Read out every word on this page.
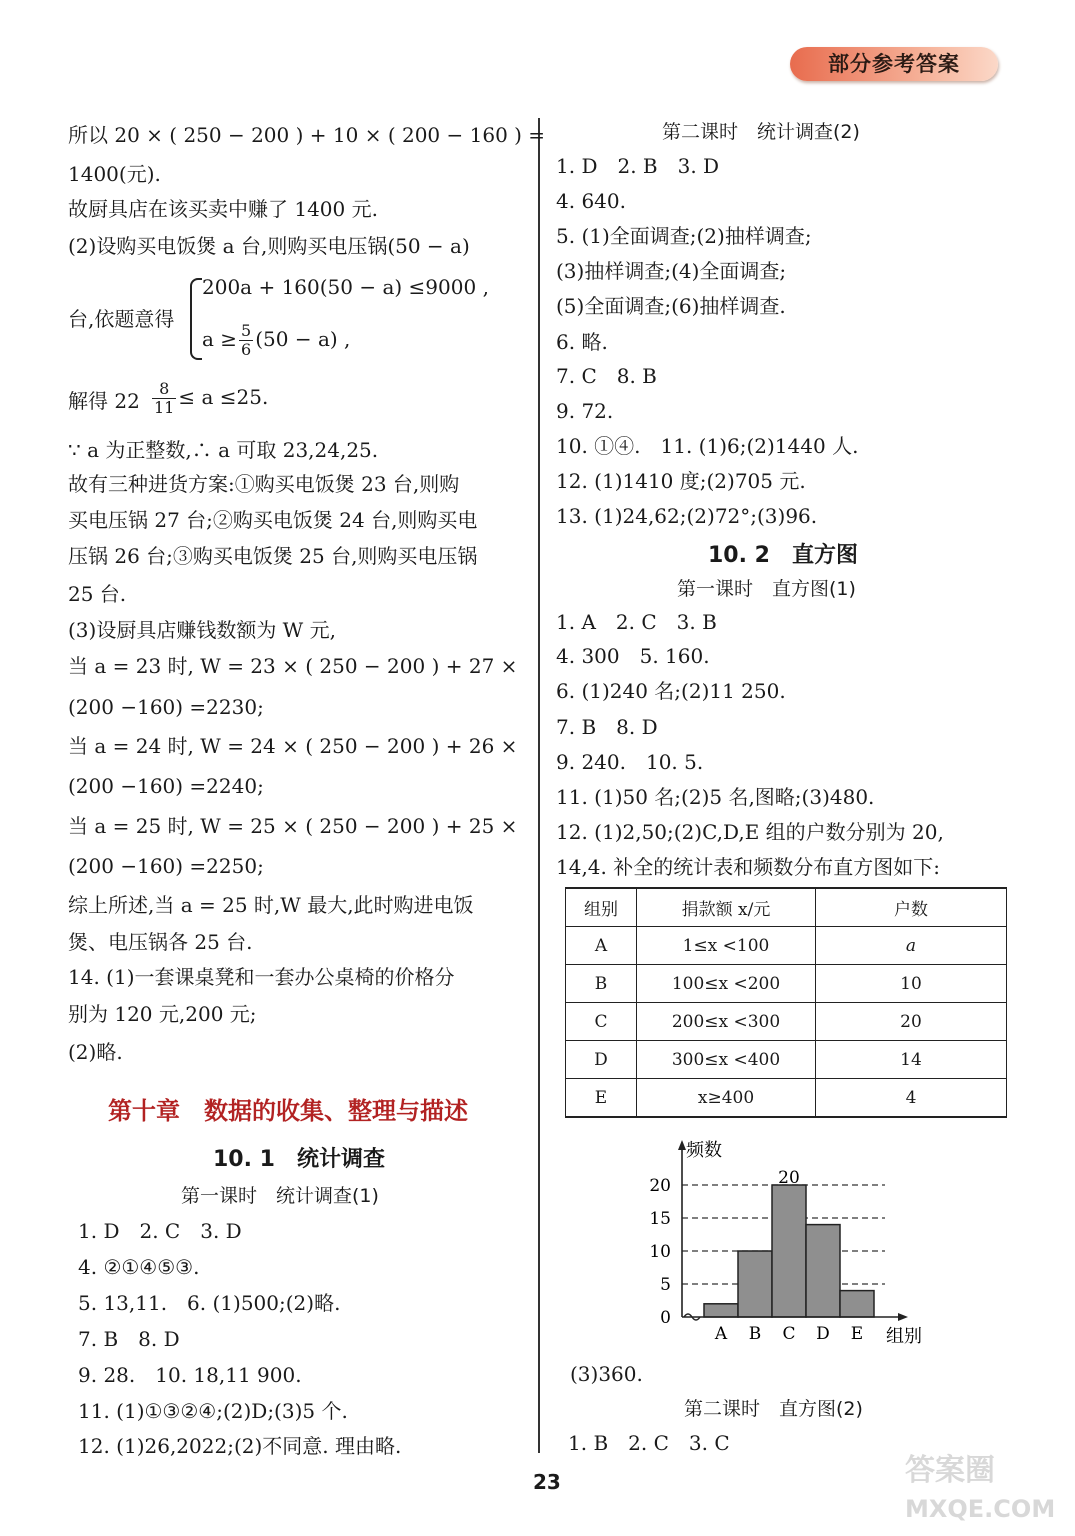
部分参考答案
$a \ge \frac{5}{6} (50 - a)$ ,
$\frac{8}{11} \le a \le 25$.
第十章　数据的收集、整理与描述
10. 1　统计调查
第一课时　统计调查(1)
第二课时　统计调查(2)
10. 2　直方图
第一课时　直方图(1)
组别	捐款额 x/元	户数
A	1≤x <100	a
B	100≤x <200	10
C	200≤x <300	20
D	300≤x <400	14
E	x≥400	4
A B C D E
0
5
10
15
20
频数
组别
20
(3)360.
第二课时　直方图(2)
1. B　2. C　3. C
23	答案圈
MXQE.COM
所以 20 × ( 250 − 200 ) + 10 × ( 200 − 160 ) =
1400(元).
故厨具店在该买卖中赚了 1400 元.
(2)设购买电饭煲 a 台,则购买电压锅(50 − a)
台,依题意得
200a + 160(50 − a) ≤9000 ,
解得 22
∵ a 为正整数,∴ a 可取 23,24,25.
故有三种进货方案:①购买电饭煲 23 台,则购
买电压锅 27 台;②购买电饭煲 24 台,则购买电
压锅 26 台;③购买电饭煲 25 台,则购买电压锅
25 台.
(3)设厨具店赚钱数额为 W 元,
当 a = 23 时, W = 23 × ( 250 − 200 ) + 27 ×
(200 −160) =2230;
当 a = 24 时, W = 24 × ( 250 − 200 ) + 26 ×
(200 −160) =2240;
当 a = 25 时, W = 25 × ( 250 − 200 ) + 25 ×
(200 −160) =2250;
综上所述,当 a = 25 时,W 最大,此时购进电饭
煲、电压锅各 25 台.
14. (1)一套课桌凳和一套办公桌椅的价格分
别为 120 元,200 元;
(2)略.
1. D　2. C　3. D
4. ②①④⑤③.
5. 13,11.　6. (1)500;(2)略.
7. B　8. D
9. 28.　10. 18,11 900.
11. (1)①③②④;(2)D;(3)5 个.
12. (1)26,2022;(2)不同意. 理由略.
1. D　2. B　3. D
4. 640.
5. (1)全面调查;(2)抽样调查;
(3)抽样调查;(4)全面调查;
(5)全面调查;(6)抽样调查.
6. 略.
7. C　8. B
9. 72.
10. ①④.　11. (1)6;(2)1440 人.
12. (1)1410 度;(2)705 元.
13. (1)24,62;(2)72°;(3)96.
1. A　2. C　3. B
4. 300　5. 160.
6. (1)240 名;(2)11 250.
7. B　8. D
9. 240.　10. 5.
11. (1)50 名;(2)5 名,图略;(3)480.
12. (1)2,50;(2)C,D,E 组的户数分别为 20,
14,4. 补全的统计表和频数分布直方图如下:
